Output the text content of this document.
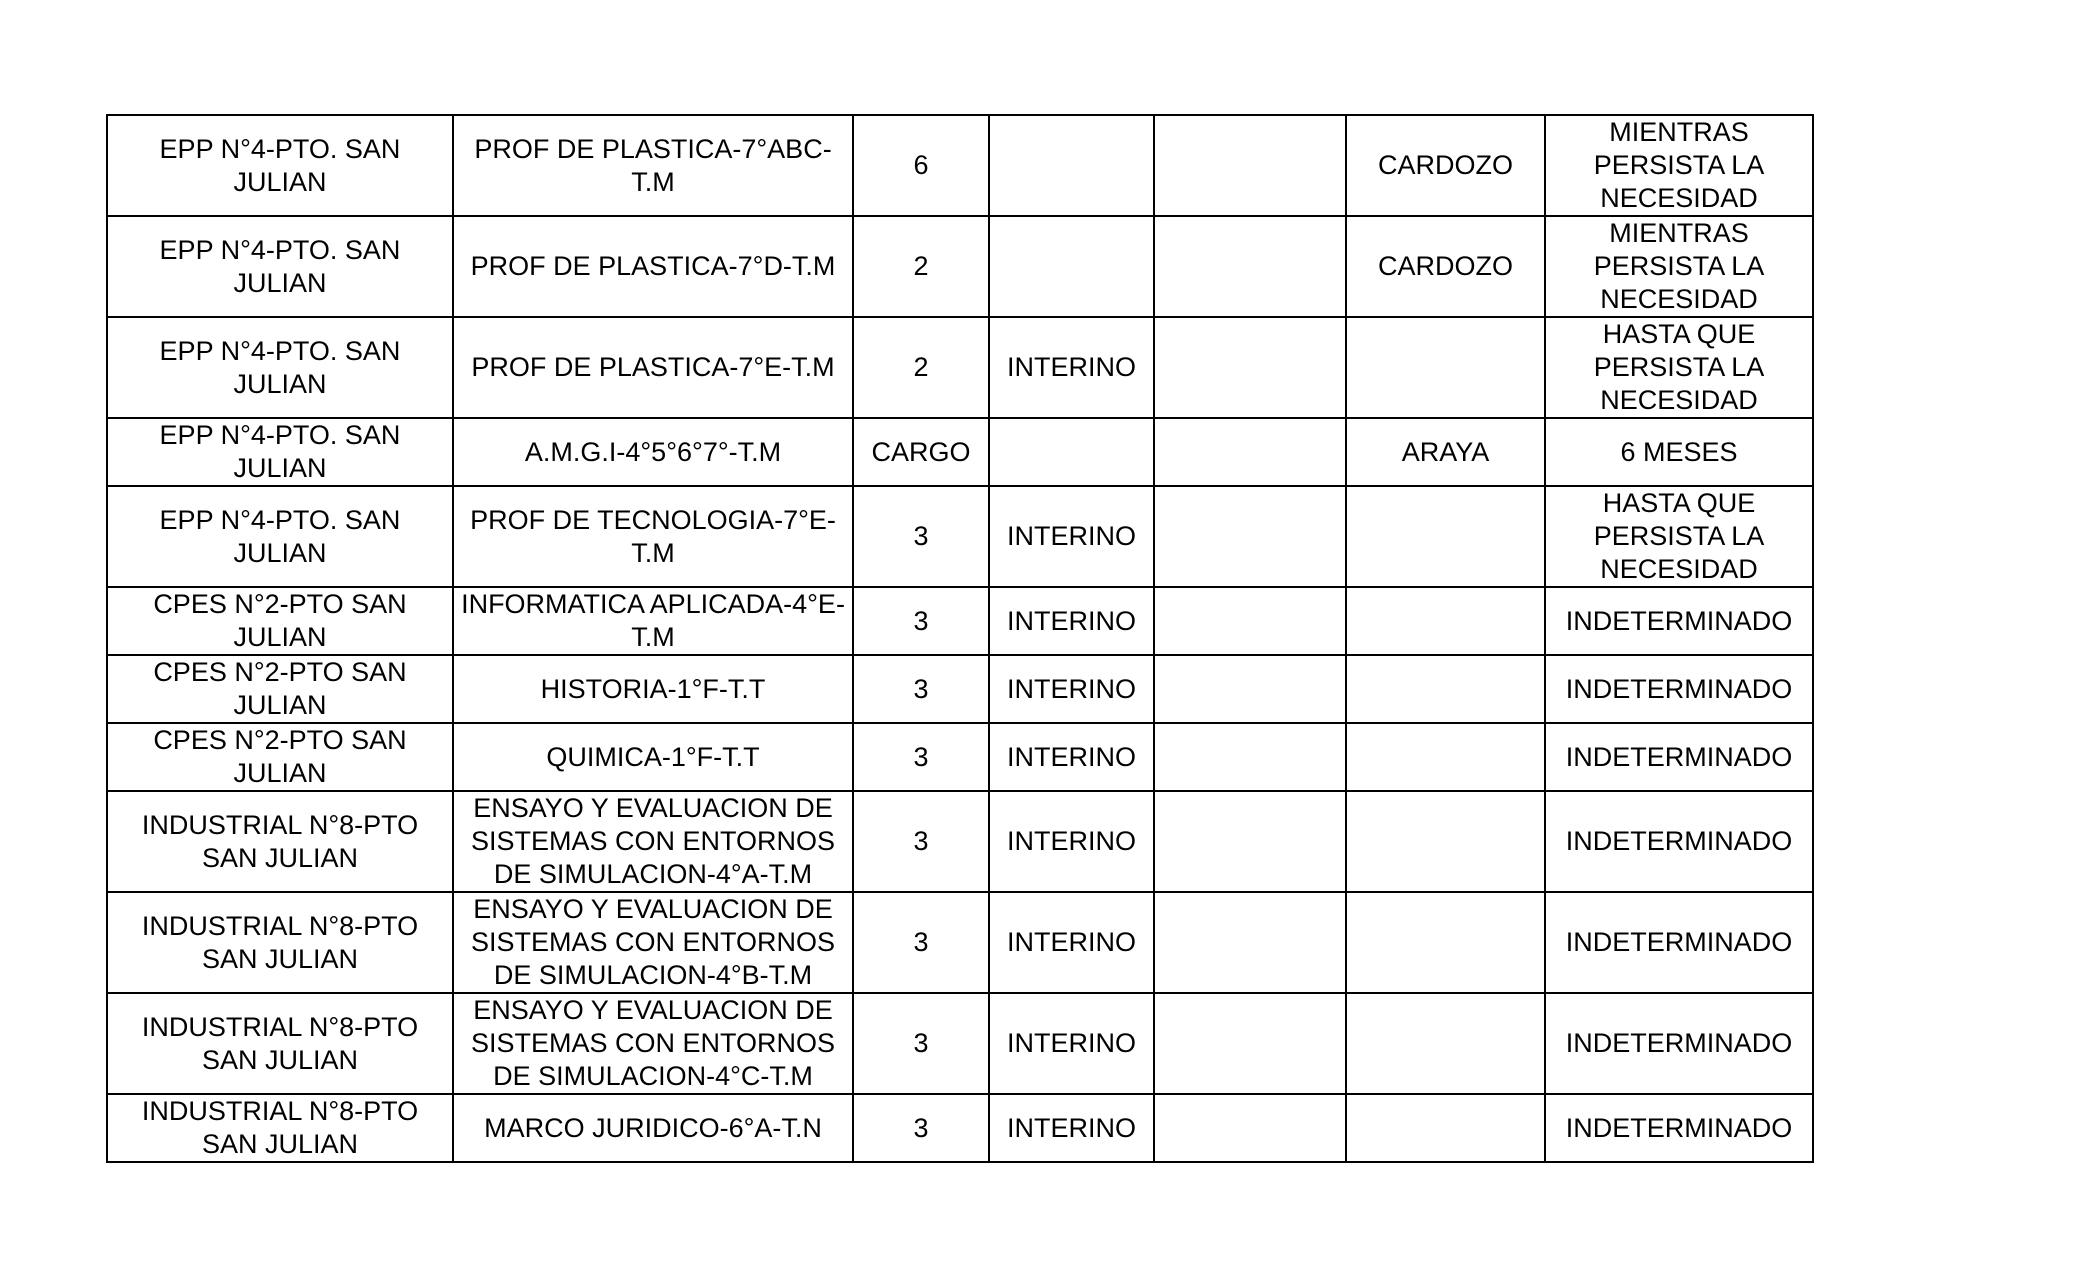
EPP N°4-PTO. SAN JULIAN	PROF DE PLASTICA-7°ABC-T.M	6			CARDOZO	MIENTRAS PERSISTA LA NECESIDAD
EPP N°4-PTO. SAN JULIAN	PROF DE PLASTICA-7°D-T.M	2			CARDOZO	MIENTRAS PERSISTA LA NECESIDAD
EPP N°4-PTO. SAN JULIAN	PROF DE PLASTICA-7°E-T.M	2	INTERINO			HASTA QUE PERSISTA LA NECESIDAD
EPP N°4-PTO. SAN JULIAN	A.M.G.I-4°5°6°7°-T.M	CARGO			ARAYA	6 MESES
EPP N°4-PTO. SAN JULIAN	PROF DE TECNOLOGIA-7°E-T.M	3	INTERINO			HASTA QUE PERSISTA LA NECESIDAD
CPES N°2-PTO SAN JULIAN	INFORMATICA APLICADA-4°E-T.M	3	INTERINO			INDETERMINADO
CPES N°2-PTO SAN JULIAN	HISTORIA-1°F-T.T	3	INTERINO			INDETERMINADO
CPES N°2-PTO SAN JULIAN	QUIMICA-1°F-T.T	3	INTERINO			INDETERMINADO
INDUSTRIAL N°8-PTO SAN JULIAN	ENSAYO Y EVALUACION DE SISTEMAS CON ENTORNOS DE SIMULACION-4°A-T.M	3	INTERINO			INDETERMINADO
INDUSTRIAL N°8-PTO SAN JULIAN	ENSAYO Y EVALUACION DE SISTEMAS CON ENTORNOS DE SIMULACION-4°B-T.M	3	INTERINO			INDETERMINADO
INDUSTRIAL N°8-PTO SAN JULIAN	ENSAYO Y EVALUACION DE SISTEMAS CON ENTORNOS DE SIMULACION-4°C-T.M	3	INTERINO			INDETERMINADO
INDUSTRIAL N°8-PTO SAN JULIAN	MARCO JURIDICO-6°A-T.N	3	INTERINO			INDETERMINADO
